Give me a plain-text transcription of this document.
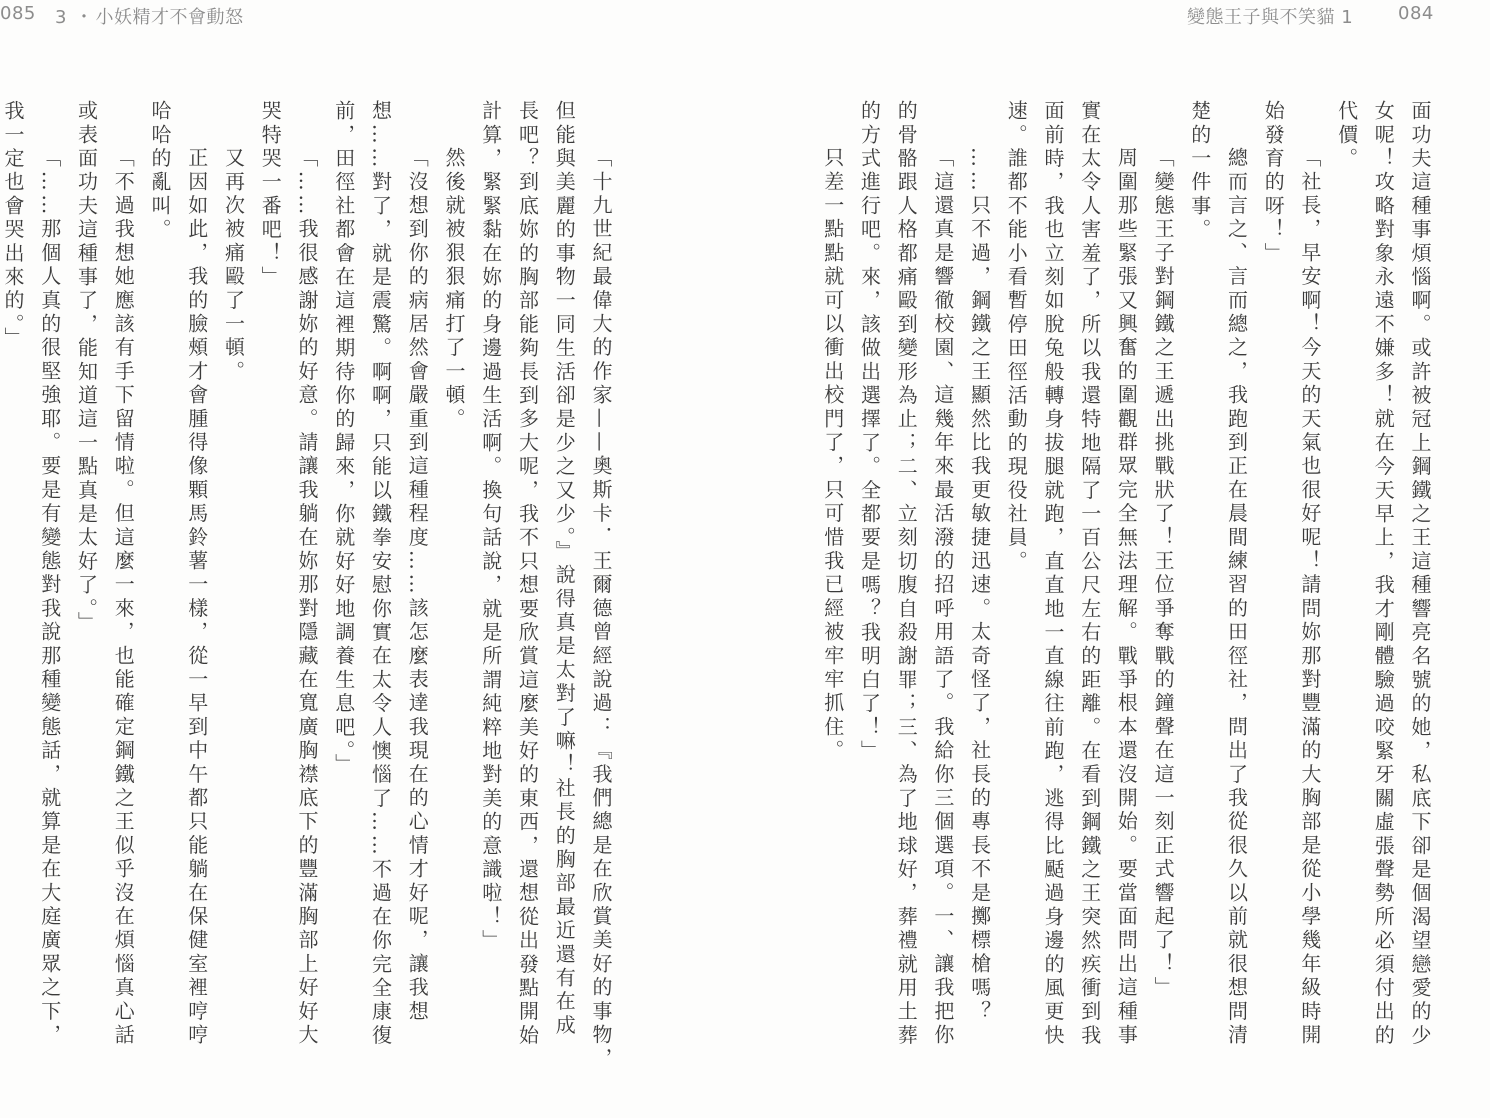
085 3 ・ 小妖精才不會動怒
「十九世紀最偉大的作家——奧斯卡．王爾德曾經說過：『我們總是在欣賞美好的事物，
但能與美麗的事物一同生活卻是少之又少。』說得真是太對了嘛！社長的胸部最近還有在成
長吧？到底妳的胸部能夠長到多大呢，我不只想要欣賞這麼美好的東西，還想從出發點開始
計算，緊緊黏在妳的身邊過生活啊。換句話說，就是所謂純粹地對美的意識啦！」
然後就被狠狠痛打了一頓。
「沒想到你的病居然會嚴重到這種程度……該怎麼表達我現在的心情才好呢，讓我想
想……對了，就是震驚。啊啊，只能以鐵拳安慰你實在太令人懊惱了……不過在你完全康復
前，田徑社都會在這裡期待你的歸來，你就好好地調養生息吧。」
「……我很感謝妳的好意。請讓我躺在妳那對隱藏在寬廣胸襟底下的豐滿胸部上好好大
哭特哭一番吧！」
又再次被痛毆了一頓。
正因如此，我的臉頰才會腫得像顆馬鈴薯一樣，從一早到中午都只能躺在保健室裡哼哼
哈哈的亂叫。
「不過我想她應該有手下留情啦。但這麼一來，也能確定鋼鐵之王似乎沒在煩惱真心話
或表面功夫這種事了，能知道這一點真是太好了。」
「……那個人真的很堅強耶。要是有變態對我說那種變態話，就算是在大庭廣眾之下，
我一定也會哭出來的。」
變態王子與不笑貓 1 084
面功夫這種事煩惱啊。或許被冠上鋼鐵之王這種響亮名號的她，私底下卻是個渴望戀愛的少
女呢！攻略對象永遠不嫌多！就在今天早上，我才剛體驗過咬緊牙關虛張聲勢所必須付出的
代價。
「社長，早安啊！今天的天氣也很好呢！請問妳那對豐滿的大胸部是從小學幾年級時開
始發育的呀！」
總而言之、言而總之，我跑到正在晨間練習的田徑社，問出了我從很久以前就很想問清
楚的一件事。
「變態王子對鋼鐵之王遞出挑戰狀了！王位爭奪戰的鐘聲在這一刻正式響起了！」
周圍那些緊張又興奮的圍觀群眾完全無法理解。戰爭根本還沒開始。要當面問出這種事
實在太令人害羞了，所以我還特地隔了一百公尺左右的距離。在看到鋼鐵之王突然疾衝到我
面前時，我也立刻如脫兔般轉身拔腿就跑，直直地一直線往前跑，逃得比颳過身邊的風更快
速。誰都不能小看暫停田徑活動的現役社員。
……只不過，鋼鐵之王顯然比我更敏捷迅速。太奇怪了，社長的專長不是擲標槍嗎？
「這還真是響徹校園、這幾年來最活潑的招呼用語了。我給你三個選項。一、讓我把你
的骨骼跟人格都痛毆到變形為止；二、立刻切腹自殺謝罪；三、為了地球好，葬禮就用土葬
的方式進行吧。來，該做出選擇了。全都要是嗎？我明白了！」
只差一點點就可以衝出校門了，只可惜我已經被牢牢抓住。
